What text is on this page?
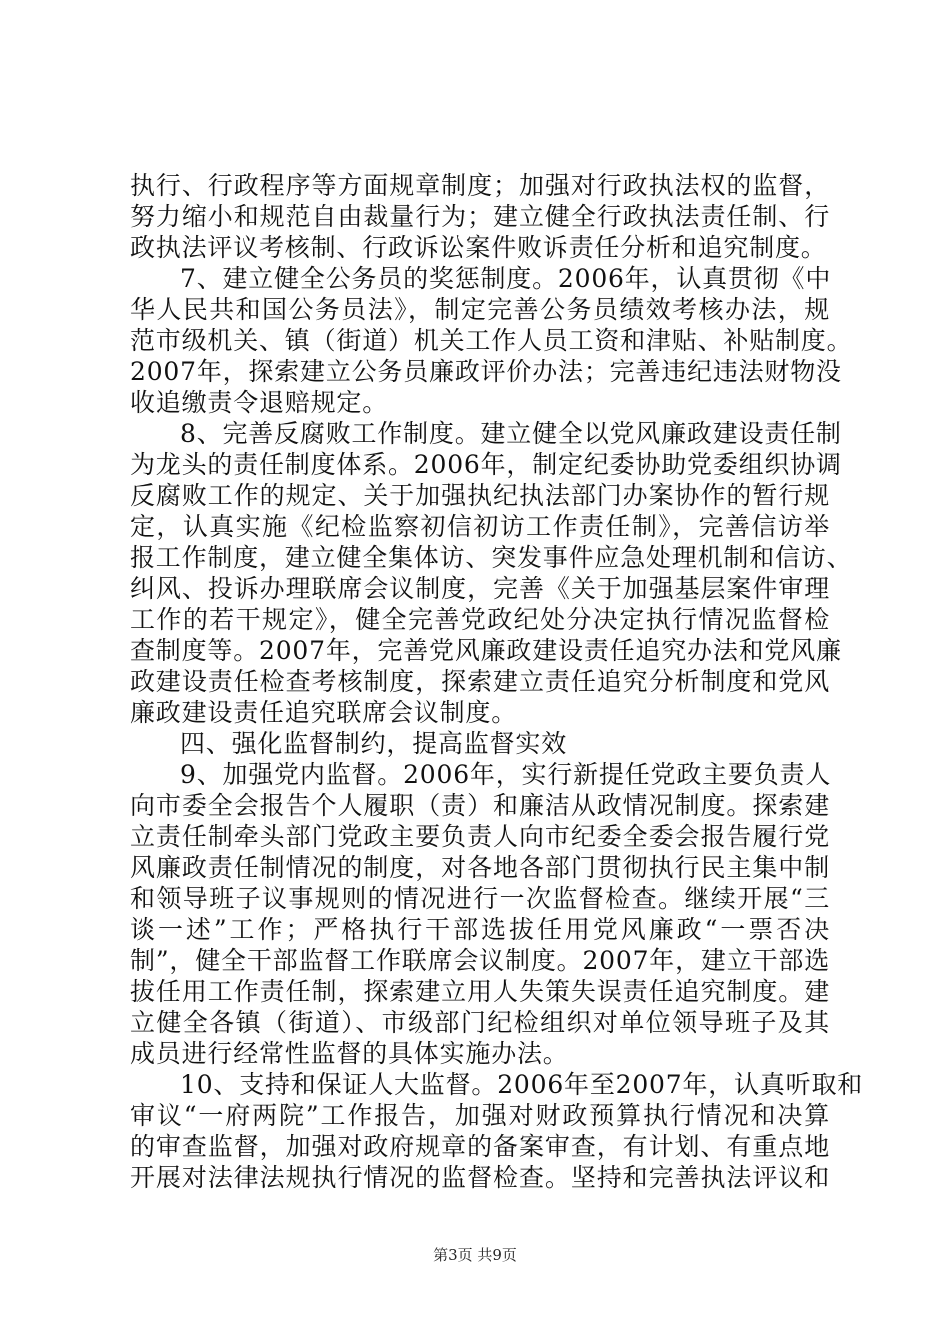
执行、行政程序等方面规章制度；加强对行政执法权的监督，
努力缩小和规范自由裁量行为；建立健全行政执法责任制、行
政执法评议考核制、行政诉讼案件败诉责任分析和追究制度。
7、建立健全公务员的奖惩制度。2006年，认真贯彻《中
华人民共和国公务员法》，制定完善公务员绩效考核办法，规
范市级机关、镇（街道）机关工作人员工资和津贴、补贴制度。
2007年，探索建立公务员廉政评价办法；完善违纪违法财物没
收追缴责令退赔规定。
8、完善反腐败工作制度。建立健全以党风廉政建设责任制
为龙头的责任制度体系。2006年，制定纪委协助党委组织协调
反腐败工作的规定、关于加强执纪执法部门办案协作的暂行规
定，认真实施《纪检监察初信初访工作责任制》，完善信访举
报工作制度，建立健全集体访、突发事件应急处理机制和信访、
纠风、投诉办理联席会议制度，完善《关于加强基层案件审理
工作的若干规定》，健全完善党政纪处分决定执行情况监督检
查制度等。2007年，完善党风廉政建设责任追究办法和党风廉
政建设责任检查考核制度，探索建立责任追究分析制度和党风
廉政建设责任追究联席会议制度。
四、强化监督制约，提高监督实效
9、加强党内监督。2006年，实行新提任党政主要负责人
向市委全会报告个人履职（责）和廉洁从政情况制度。探索建
立责任制牵头部门党政主要负责人向市纪委全委会报告履行党
风廉政责任制情况的制度，对各地各部门贯彻执行民主集中制
和领导班子议事规则的情况进行一次监督检查。继续开展“三
谈一述”工作；严格执行干部选拔任用党风廉政“一票否决
制”，健全干部监督工作联席会议制度。2007年，建立干部选
拔任用工作责任制，探索建立用人失策失误责任追究制度。建
立健全各镇（街道）、市级部门纪检组织对单位领导班子及其
成员进行经常性监督的具体实施办法。
10、支持和保证人大监督。2006年至2007年，认真听取和
审议“一府两院”工作报告，加强对财政预算执行情况和决算
的审查监督，加强对政府规章的备案审查，有计划、有重点地
开展对法律法规执行情况的监督检查。坚持和完善执法评议和
第3页 共9页
